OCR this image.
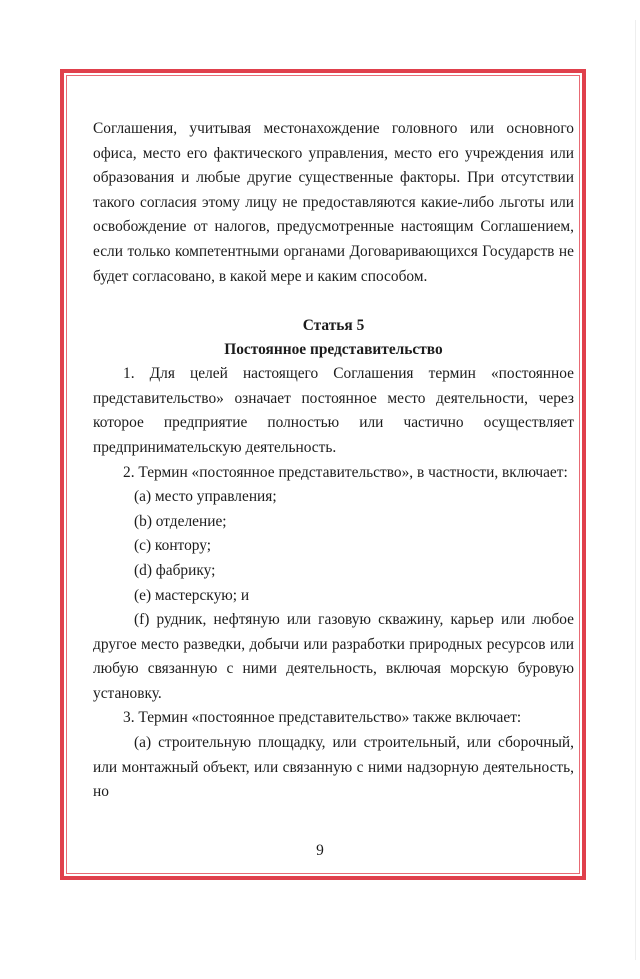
Соглашения, учитывая местонахождение головного или основного офиса, место его фактического управления, место его учреждения или образования и любые другие существенные факторы. При отсутствии такого согласия этому лицу не предоставляются какие-либо льготы или освобождение от налогов, предусмотренные настоящим Соглашением, если только компетентными органами Договаривающихся Государств не будет согласовано, в какой мере и каким способом.

Статья 5

Постоянное представительство

1. Для целей настоящего Соглашения термин «постоянное представительство» означает постоянное место деятельности, через которое предприятие полностью или частично осуществляет предпринимательскую деятельность.

2. Термин «постоянное представительство», в частности, включает:

(a) место управления;

(b) отделение;

(c) контору;

(d) фабрику;

(e) мастерскую; и

(f) рудник, нефтяную или газовую скважину, карьер или любое другое место разведки, добычи или разработки природных ресурсов или любую связанную с ними деятельность, включая морскую буровую установку.

3. Термин «постоянное представительство» также включает:

(a) строительную площадку, или строительный, или сборочный, или монтажный объект, или связанную с ними надзорную деятельность, но

9
